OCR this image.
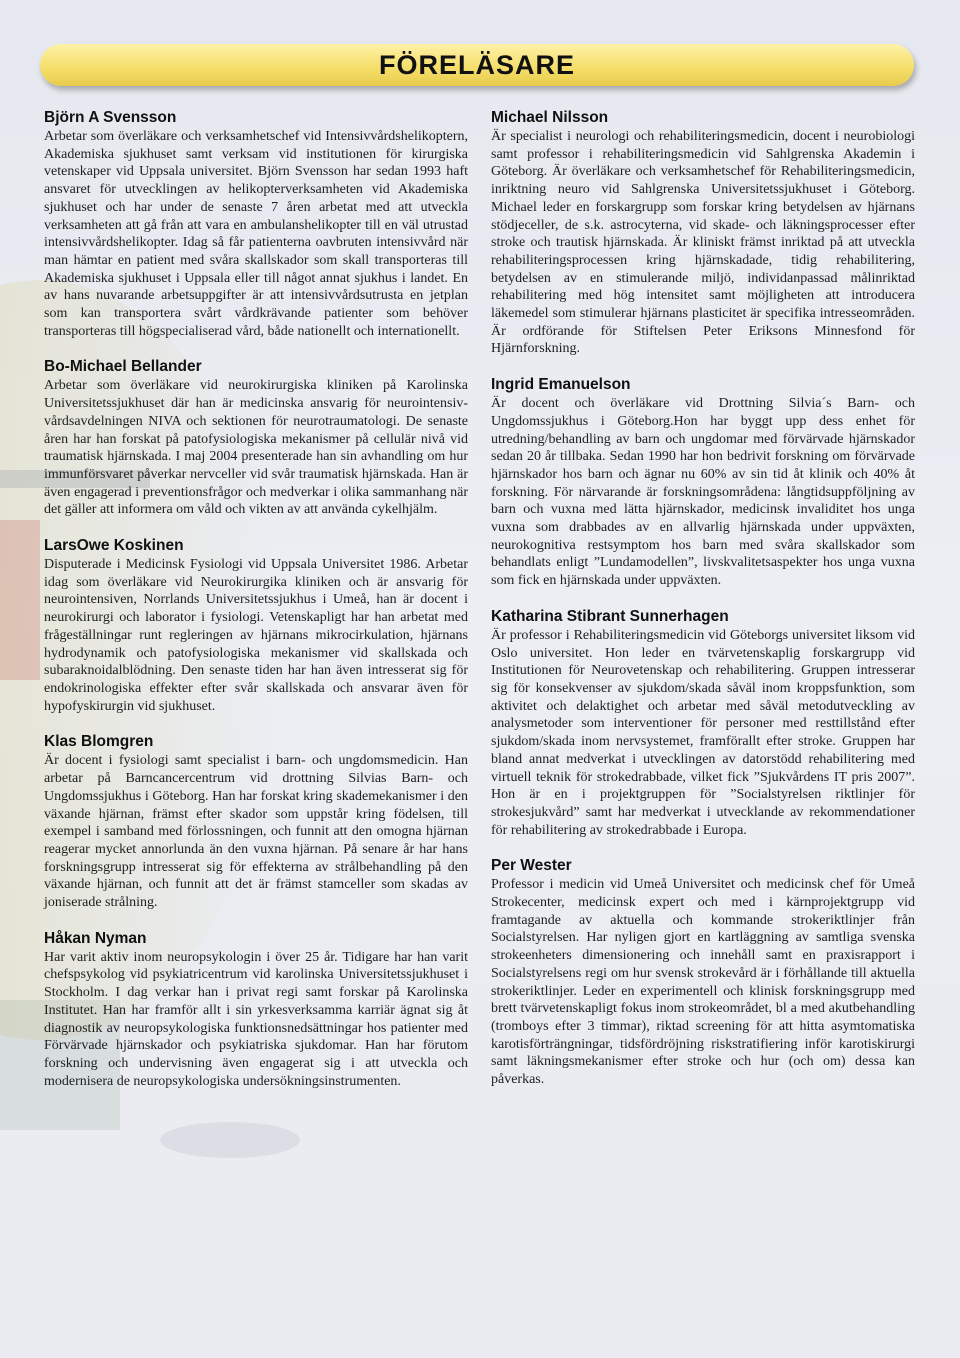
FÖRELÄSARE
Björn A Svensson

Arbetar som överläkare och verksamhetschef vid Intensivvårdshelikoptern, Akademiska sjukhuset samt verksam vid institutionen för kirurgiska vetenskaper vid Uppsala universitet. Björn Svensson har sedan 1993 haft ansvaret för utvecklingen av helikopterverksamheten vid Akademiska sjukhuset och har under de senaste 7 åren arbetat med att utveckla verksamheten att gå från att vara en ambulanshelikopter till en väl utrustad intensivvårdshelikopter. Idag så får patienterna oavbruten intensivvård när man hämtar en patient med svåra skallskador som skall transporteras till Akademiska sjukhuset i Uppsala eller till något annat sjukhus i landet. En av hans nuvarande arbetsuppgifter är att intensivvårdsutrusta en jetplan som kan transportera svårt vårdkrävande patienter som behöver transporteras till högspecialiserad vård, både nationellt och internationellt.

Bo-Michael Bellander

Arbetar som överläkare vid neurokirurgiska kliniken på Karolinska Universitetssjukhuset där han är medicinska ansvarig för neurointensiv-vårdsavdelningen NIVA och sektionen för neurotraumatologi. De senaste åren har han forskat på patofysiologiska mekanismer på cellulär nivå vid traumatisk hjärnskada. I maj 2004 presenterade han sin avhandling om hur immunförsvaret påverkar nervceller vid svår traumatisk hjärnskada. Han är även engagerad i preventionsfrågor och medverkar i olika sammanhang när det gäller att informera om våld och vikten av att använda cykelhjälm.

LarsOwe Koskinen

Disputerade i Medicinsk Fysiologi vid Uppsala Universitet 1986. Arbetar idag som överläkare vid Neurokirurgika kliniken och är ansvarig för neurointensiven, Norrlands Universitetssjukhus i Umeå, han är docent i neurokirurgi och laborator i fysiologi. Vetenskapligt har han arbetat med frågeställningar runt regleringen av hjärnans mikrocirkulation, hjärnans hydrodynamik och patofysiologiska mekanismer vid skallskada och subaraknoidalblödning. Den senaste tiden har han även intresserat sig för endokrinologiska effekter efter svår skallskada och ansvarar även för hypofyskirurgin vid sjukhuset.

Klas Blomgren

Är docent i fysiologi samt specialist i barn- och ungdomsmedicin. Han arbetar på Barncancercentrum vid drottning Silvias Barn- och Ungdomssjukhus i Göteborg. Han har forskat kring skademekanismer i den växande hjärnan, främst efter skador som uppstår kring födelsen, till exempel i samband med förlossningen, och funnit att den omogna hjärnan reagerar mycket annorlunda än den vuxna hjärnan. På senare år har hans forskningsgrupp intresserat sig för effekterna av strålbehandling på den växande hjärnan, och funnit att det är främst stamceller som skadas av joniserade strålning.

Håkan Nyman

Har varit aktiv inom neuropsykologin i över 25 år. Tidigare har han varit chefspsykolog vid psykiatricentrum vid karolinska Universitetssjukhuset i Stockholm. I dag verkar han i privat regi samt forskar på Karolinska Institutet. Han har framför allt i sin yrkesverksamma karriär ägnat sig åt diagnostik av neuropsykologiska funktionsnedsättningar hos patienter med Förvärvade hjärnskador och psykiatriska sjukdomar. Han har förutom forskning och undervisning även engagerat sig i att utveckla och modernisera de neuropsykologiska undersökningsinstrumenten.

Michael Nilsson

Är specialist i neurologi och rehabiliteringsmedicin, docent i neurobiologi samt professor i rehabiliteringsmedicin vid Sahlgrenska Akademin i Göteborg. Är överläkare och verksamhetschef för Rehabiliteringsmedicin, inriktning neuro vid Sahlgrenska Universitetssjukhuset i Göteborg. Michael leder en forskargrupp som forskar kring betydelsen av hjärnans stödjeceller, de s.k. astrocyterna, vid skade- och läkningsprocesser efter stroke och trautisk hjärnskada. Är kliniskt främst inriktad på att utveckla rehabiliteringsprocessen kring hjärnskadade, tidig rehabilitering, betydelsen av en stimulerande miljö, individanpassad målinriktad rehabilitering med hög intensitet samt möjligheten att introducera läkemedel som stimulerar hjärnans plasticitet är specifika intresseområden. Är ordförande för Stiftelsen Peter Eriksons Minnesfond för Hjärnforskning.

Ingrid Emanuelson

Är docent och överläkare vid Drottning Silvia´s Barn- och Ungdomssjukhus i Göteborg.Hon har byggt upp dess enhet för utredning/behandling av barn och ungdomar med förvärvade hjärnskador sedan 20 år tillbaka. Sedan 1990 har hon bedrivit forskning om förvärvade hjärnskador hos barn och ägnar nu 60% av sin tid åt klinik och 40% åt forskning. För närvarande är forskningsområdena: långtidsuppföljning av barn och vuxna med lätta hjärnskador, medicinsk invaliditet hos unga vuxna som drabbades av en allvarlig hjärnskada under uppväxten, neurokognitiva restsymptom hos barn med svåra skallskador som behandlats enligt ”Lundamodellen”, livskvalitetsaspekter hos unga vuxna som fick en hjärnskada under uppväxten.

Katharina Stibrant Sunnerhagen

Är professor i Rehabiliteringsmedicin vid Göteborgs universitet liksom vid Oslo universitet. Hon leder en tvärvetenskaplig forskargrupp vid Institutionen för Neurovetenskap och rehabilitering. Gruppen intresserar sig för konsekvenser av sjukdom/skada såväl inom kroppsfunktion, som aktivitet och delaktighet och arbetar med såväl metodutveckling av analysmetoder som interventioner för personer med resttillstånd efter sjukdom/skada inom nervsystemet, framförallt efter stroke. Gruppen har bland annat medverkat i utvecklingen av datorstödd rehabilitering med virtuell teknik för strokedrabbade, vilket fick ”Sjukvårdens IT pris 2007”. Hon är en i projektgruppen för ”Socialstyrelsen riktlinjer för strokesjukvård” samt har medverkat i utvecklande av rekommendationer för rehabilitering av strokedrabbade i Europa.

Per Wester

Professor i medicin vid Umeå Universitet och medicinsk chef för Umeå Strokecenter, medicinsk expert och med i kärnprojektgrupp vid framtagande av aktuella och kommande strokeriktlinjer från Socialstyrelsen. Har nyligen gjort en kartläggning av samtliga svenska strokeenheters dimensionering och innehåll samt en praxisrapport i Socialstyrelsens regi om hur svensk strokevård är i förhållande till aktuella strokeriktlinjer. Leder en experimentell och klinisk forskningsgrupp med brett tvärvetenskapligt fokus inom strokeområdet, bl a med akutbehandling (tromboys efter 3 timmar), riktad screening för att hitta asymtomatiska karotisförträngningar, tidsfördröjning riskstratifiering inför karotiskirurgi samt läkningsmekanismer efter stroke och hur (och om) dessa kan påverkas.
